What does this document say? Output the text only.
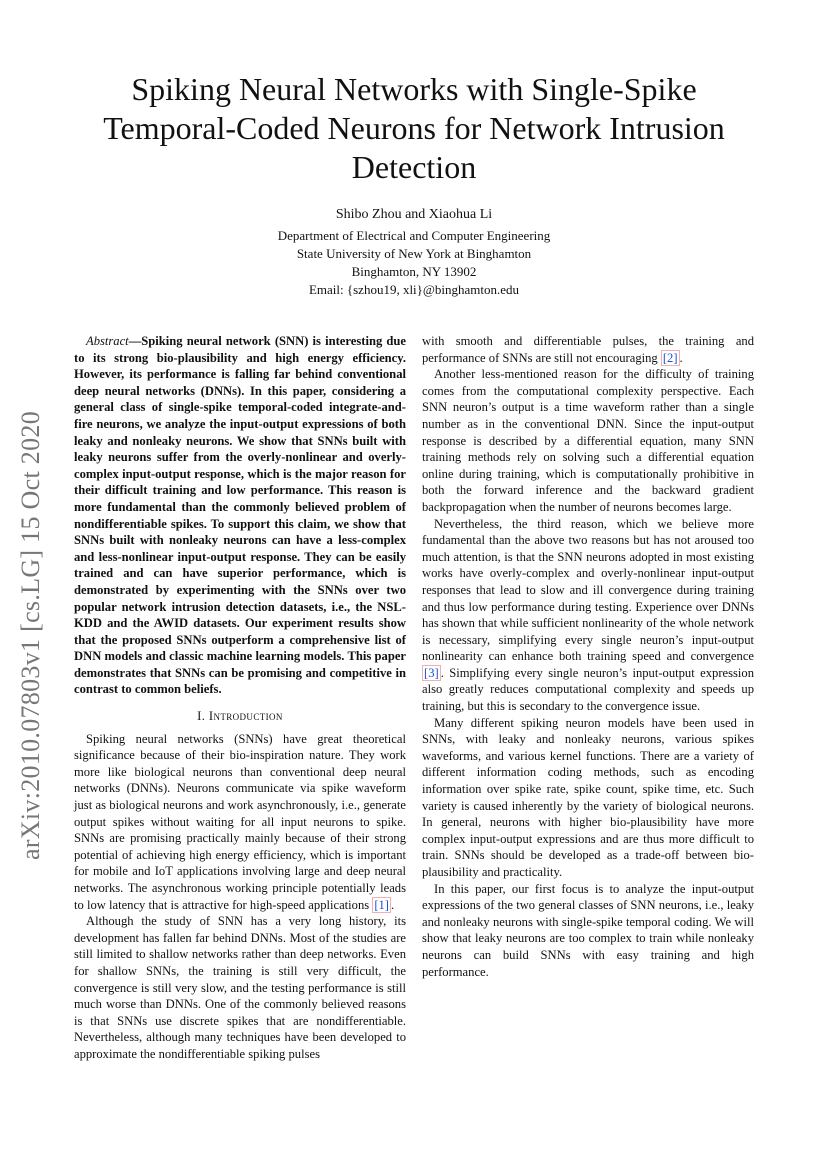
arXiv:2010.07803v1 [cs.LG] 15 Oct 2020
Spiking Neural Networks with Single-Spike Temporal-Coded Neurons for Network Intrusion Detection
Shibo Zhou and Xiaohua Li
Department of Electrical and Computer Engineering
State University of New York at Binghamton
Binghamton, NY 13902
Email: {szhou19, xli}@binghamton.edu
Abstract—Spiking neural network (SNN) is interesting due to its strong bio-plausibility and high energy efficiency. However, its performance is falling far behind conventional deep neural networks (DNNs). In this paper, considering a general class of single-spike temporal-coded integrate-and-fire neurons, we analyze the input-output expressions of both leaky and nonleaky neurons. We show that SNNs built with leaky neurons suffer from the overly-nonlinear and overly-complex input-output response, which is the major reason for their difficult training and low performance. This reason is more fundamental than the commonly believed problem of nondifferentiable spikes. To support this claim, we show that SNNs built with nonleaky neurons can have a less-complex and less-nonlinear input-output response. They can be easily trained and can have superior performance, which is demonstrated by experimenting with the SNNs over two popular network intrusion detection datasets, i.e., the NSL-KDD and the AWID datasets. Our experiment results show that the proposed SNNs outperform a comprehensive list of DNN models and classic machine learning models. This paper demonstrates that SNNs can be promising and competitive in contrast to common beliefs.
I. Introduction

Spiking neural networks (SNNs) have great theoretical significance because of their bio-inspiration nature. They work more like biological neurons than conventional deep neural networks (DNNs). Neurons communicate via spike waveform just as biological neurons and work asynchronously, i.e., generate output spikes without waiting for all input neurons to spike. SNNs are promising practically mainly because of their strong potential of achieving high energy efficiency, which is important for mobile and IoT applications involving large and deep neural networks. The asynchronous working principle potentially leads to low latency that is attractive for high-speed applications [1] .

Although the study of SNN has a very long history, its development has fallen far behind DNNs. Most of the studies are still limited to shallow networks rather than deep networks. Even for shallow SNNs, the training is still very difficult, the convergence is still very slow, and the testing performance is still much worse than DNNs. One of the commonly believed reasons is that SNNs use discrete spikes that are nondifferentiable. Nevertheless, although many techniques have been developed to approximate the nondifferentiable spiking pulses

with smooth and differentiable pulses, the training and performance of SNNs are still not encouraging [2] .

Another less-mentioned reason for the difficulty of training comes from the computational complexity perspective. Each SNN neuron’s output is a time waveform rather than a single number as in the conventional DNN. Since the input-output response is described by a differential equation, many SNN training methods rely on solving such a differential equation online during training, which is computationally prohibitive in both the forward inference and the backward gradient backpropagation when the number of neurons becomes large.

Nevertheless, the third reason, which we believe more fundamental than the above two reasons but has not aroused too much attention, is that the SNN neurons adopted in most existing works have overly-complex and overly-nonlinear input-output responses that lead to slow and ill convergence during training and thus low performance during testing. Experience over DNNs has shown that while sufficient nonlinearity of the whole network is necessary, simplifying every single neuron’s input-output nonlinearity can enhance both training speed and convergence [3] . Simplifying every single neuron’s input-output expression also greatly reduces computational complexity and speeds up training, but this is secondary to the convergence issue.

Many different spiking neuron models have been used in SNNs, with leaky and nonleaky neurons, various spikes waveforms, and various kernel functions. There are a variety of different information coding methods, such as encoding information over spike rate, spike count, spike time, etc. Such variety is caused inherently by the variety of biological neurons. In general, neurons with higher bio-plausibility have more complex input-output expressions and are thus more difficult to train. SNNs should be developed as a trade-off between bio-plausibility and practicality.

In this paper, our first focus is to analyze the input-output expressions of the two general classes of SNN neurons, i.e., leaky and nonleaky neurons with single-spike temporal coding. We will show that leaky neurons are too complex to train while nonleaky neurons can build SNNs with easy training and high performance.
